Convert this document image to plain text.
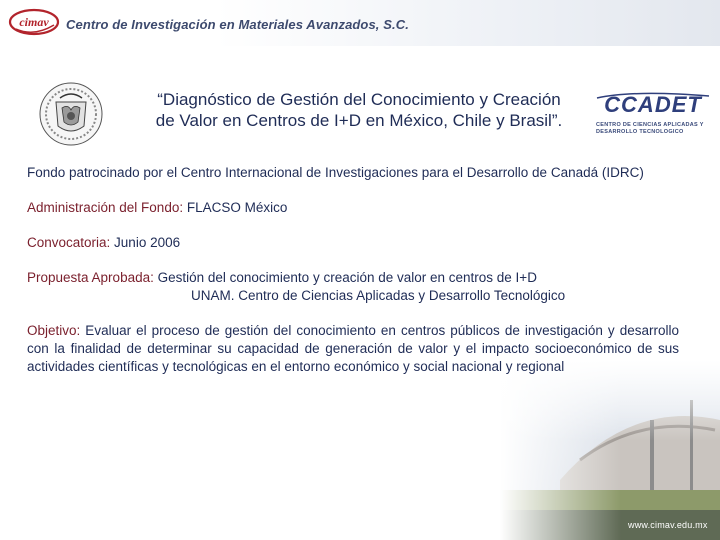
cimav Centro de Investigación en Materiales Avanzados, S.C.
“Diagnóstico de Gestión del Conocimiento y Creación
de Valor en Centros de I+D en México, Chile y Brasil”.
CCADET
CENTRO DE CIENCIAS APLICADAS Y DESARROLLO TECNOLOGICO

Fondo patrocinado por el Centro Internacional de Investigaciones para el Desarrollo de Canadá (IDRC)

Administración del Fondo: FLACSO México

Convocatoria: Junio 2006

Propuesta Aprobada: Gestión del conocimiento y creación de valor en centros de I+D
UNAM. Centro de Ciencias Aplicadas y Desarrollo Tecnológico

Objetivo: Evaluar el proceso de gestión del conocimiento en centros públicos de investigación y desarrollo con la finalidad de determinar su capacidad de generación de valor y el impacto socioeconómico de sus actividades científicas y tecnológicas en el entorno económico y social nacional y regional

www.cimav.edu.mx
